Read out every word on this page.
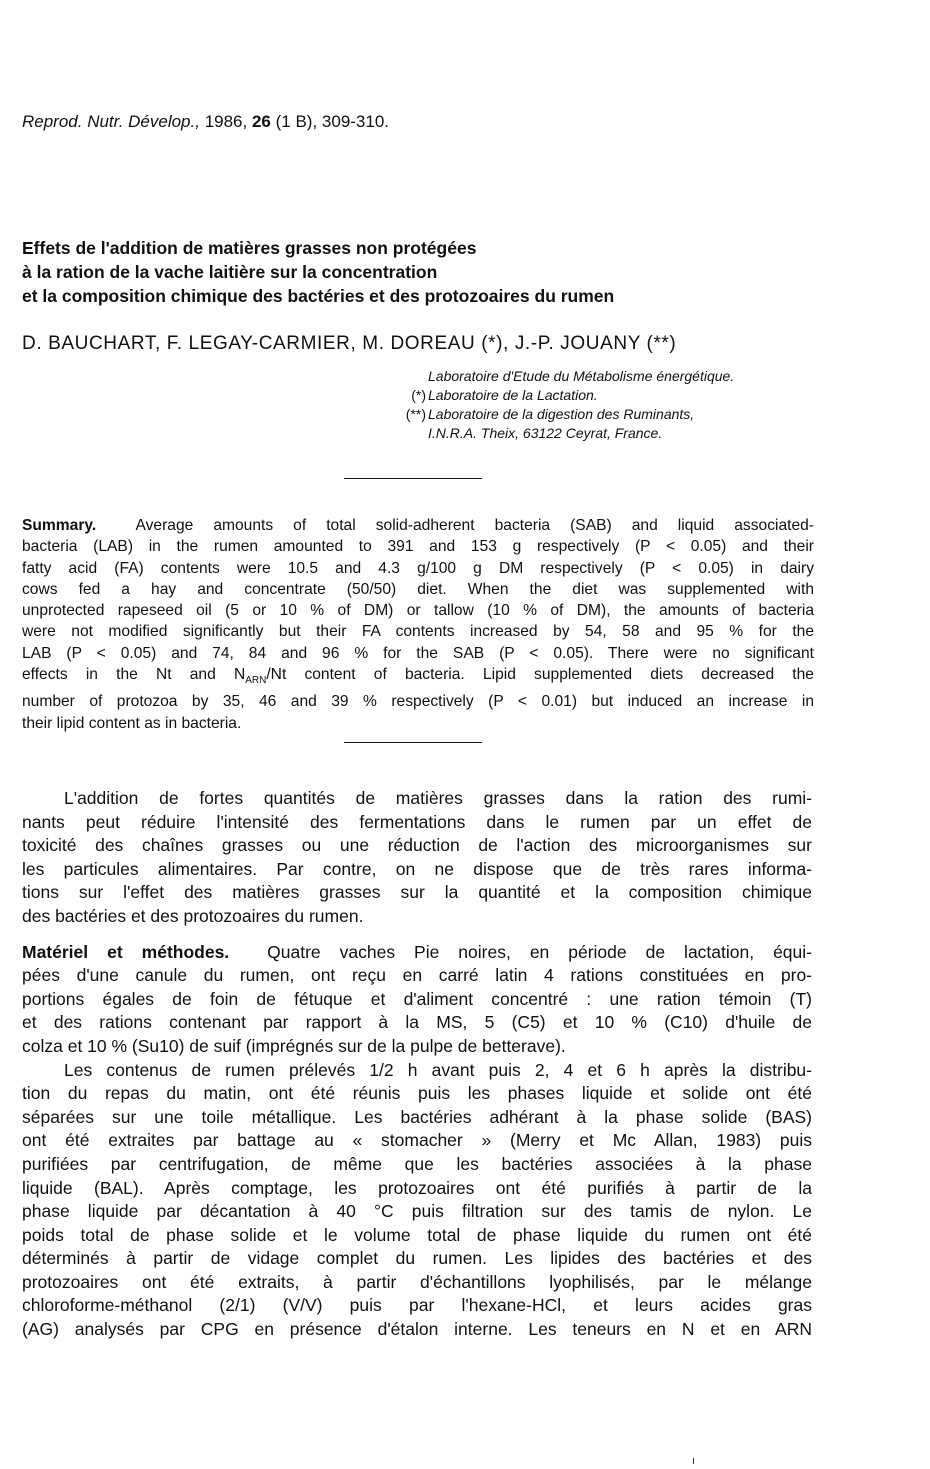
Reprod. Nutr. Dévelop., 1986, 26 (1 B), 309-310.
Effets de l'addition de matières grasses non protégées
à la ration de la vache laitière sur la concentration
et la composition chimique des bactéries et des protozoaires du rumen
D. BAUCHART, F. LEGAY-CARMIER, M. DOREAU (*), J.-P. JOUANY (**)
Laboratoire d'Etude du Métabolisme énergétique.
(*) Laboratoire de la Lactation.
(**) Laboratoire de la digestion des Ruminants,
I.N.R.A. Theix, 63122 Ceyrat, France.
Summary.	Average amounts of total solid-adherent bacteria (SAB) and liquid associated-
bacteria (LAB) in the rumen amounted to 391 and 153 g respectively (P < 0.05) and their
fatty acid (FA) contents were 10.5 and 4.3 g/100 g DM respectively (P < 0.05) in dairy
cows fed a hay and concentrate (50/50) diet. When the diet was supplemented with
unprotected rapeseed oil (5 or 10 % of DM) or tallow (10 % of DM), the amounts of bacteria
were not modified significantly but their FA contents increased by 54, 58 and 95 % for the
LAB (P < 0.05) and 74, 84 and 96 % for the SAB (P < 0.05). There were no significant
effects in the Nt and $N_{ARN}/Nt$ content of bacteria. Lipid supplemented diets decreased the
number of protozoa by 35, 46 and 39 % respectively (P < 0.01) but induced an increase in
their lipid content as in bacteria.
L'addition de fortes quantités de matières grasses dans la ration des rumi-
nants peut réduire l'intensité des fermentations dans le rumen par un effet de
toxicité des chaînes grasses ou une réduction de l'action des microorganismes sur
les particules alimentaires. Par contre, on ne dispose que de très rares informa-
tions sur l'effet des matières grasses sur la quantité et la composition chimique
des bactéries et des protozoaires du rumen.
Matériel et méthodes. Quatre vaches Pie noires, en période de lactation, équi-
pées d'une canule du rumen, ont reçu en carré latin 4 rations constituées en pro-
portions égales de foin de fétuque et d'aliment concentré : une ration témoin (T)
et des rations contenant par rapport à la MS, 5 (C5) et 10 % (C10) d'huile de
colza et 10 % (Su10) de suif (imprégnés sur de la pulpe de betterave).
Les contenus de rumen prélevés 1/2 h avant puis 2, 4 et 6 h après la distribu-
tion du repas du matin, ont été réunis puis les phases liquide et solide ont été
séparées sur une toile métallique. Les bactéries adhérant à la phase solide (BAS)
ont été extraites par battage au « stomacher » (Merry et Mc Allan, 1983) puis
purifiées par centrifugation, de même que les bactéries associées à la phase
liquide (BAL). Après comptage, les protozoaires ont été purifiés à partir de la
phase liquide par décantation à 40 °C puis filtration sur des tamis de nylon. Le
poids total de phase solide et le volume total de phase liquide du rumen ont été
déterminés à partir de vidage complet du rumen. Les lipides des bactéries et des
protozoaires ont été extraits, à partir d'échantillons lyophilisés, par le mélange
chloroforme-méthanol (2/1) (V/V) puis par l'hexane-HCl, et leurs acides gras
(AG) analysés par CPG en présence d'étalon interne. Les teneurs en N et en ARN
